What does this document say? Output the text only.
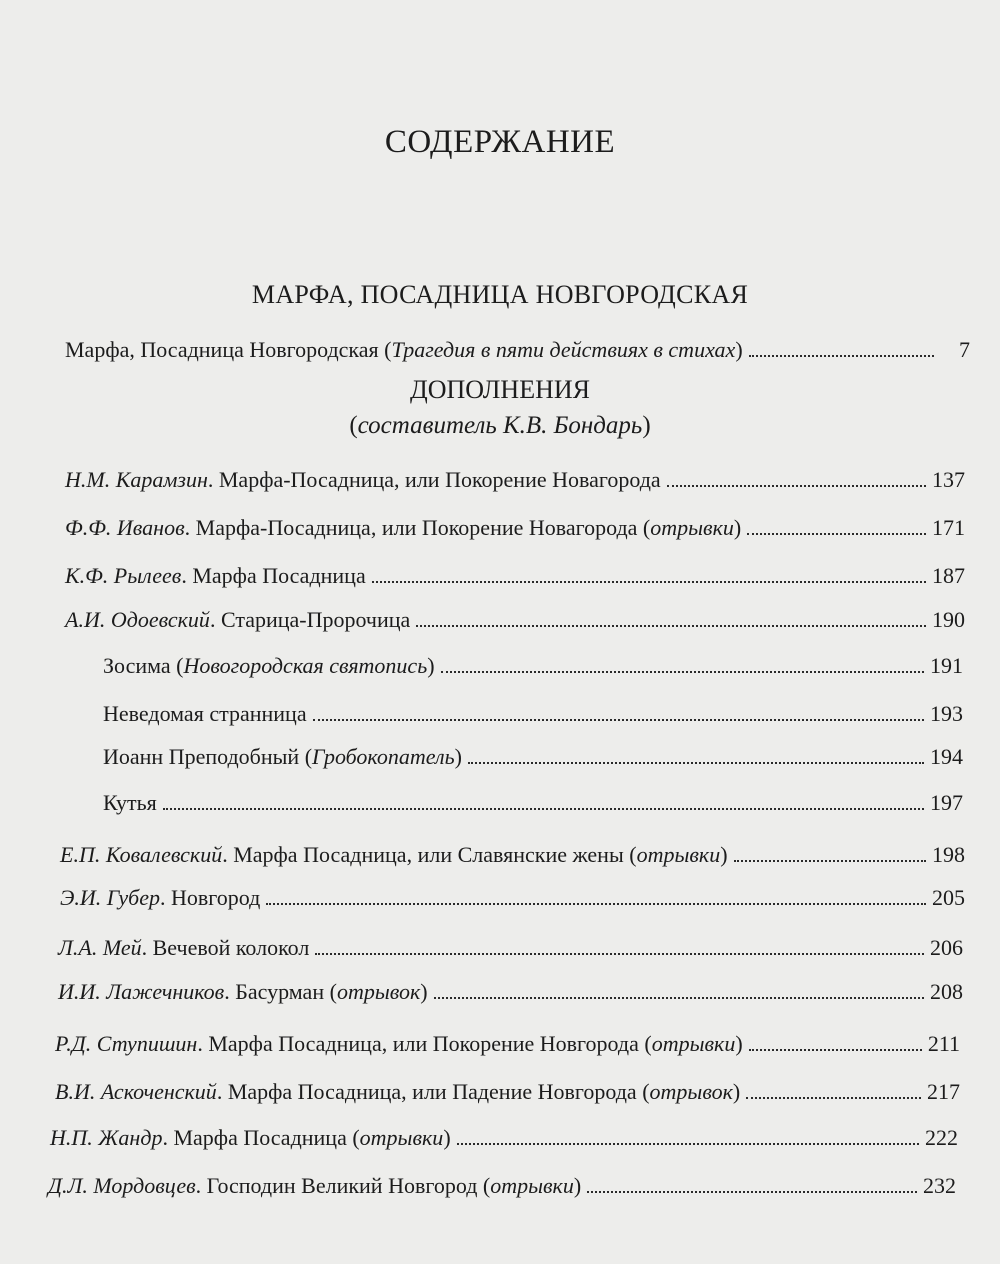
СОДЕРЖАНИЕ
МАРФА, ПОСАДНИЦА НОВГОРОДСКАЯ
Марфа, Посадница Новгородская (Трагедия в пяти действиях в стихах)	7
ДОПОЛНЕНИЯ
(составитель К.В. Бондарь)
Н.М. Карамзин. Марфа-Посадница, или Покорение Новагорода	137
Ф.Ф. Иванов. Марфа-Посадница, или Покорение Новагорода (отрывки)	171
К.Ф. Рылеев. Марфа Посадница	187
А.И. Одоевский. Старица-Пророчица	190
Зосима (Новогородская святопись)	191
Неведомая странница	193
Иоанн Преподобный (Гробокопатель)	194
Кутья	197
Е.П. Ковалевский. Марфа Посадница, или Славянские жены (отрывки)	198
Э.И. Губер. Новгород	205
Л.А. Мей. Вечевой колокол	206
И.И. Лажечников. Басурман (отрывок)	208
Р.Д. Ступишин. Марфа Посадница, или Покорение Новгорода (отрывки)	211
В.И. Аскоченский. Марфа Посадница, или Падение Новгорода (отрывок)	217
Н.П. Жандр. Марфа Посадница (отрывки)	222
Д.Л. Мордовцев. Господин Великий Новгород (отрывки)	232
